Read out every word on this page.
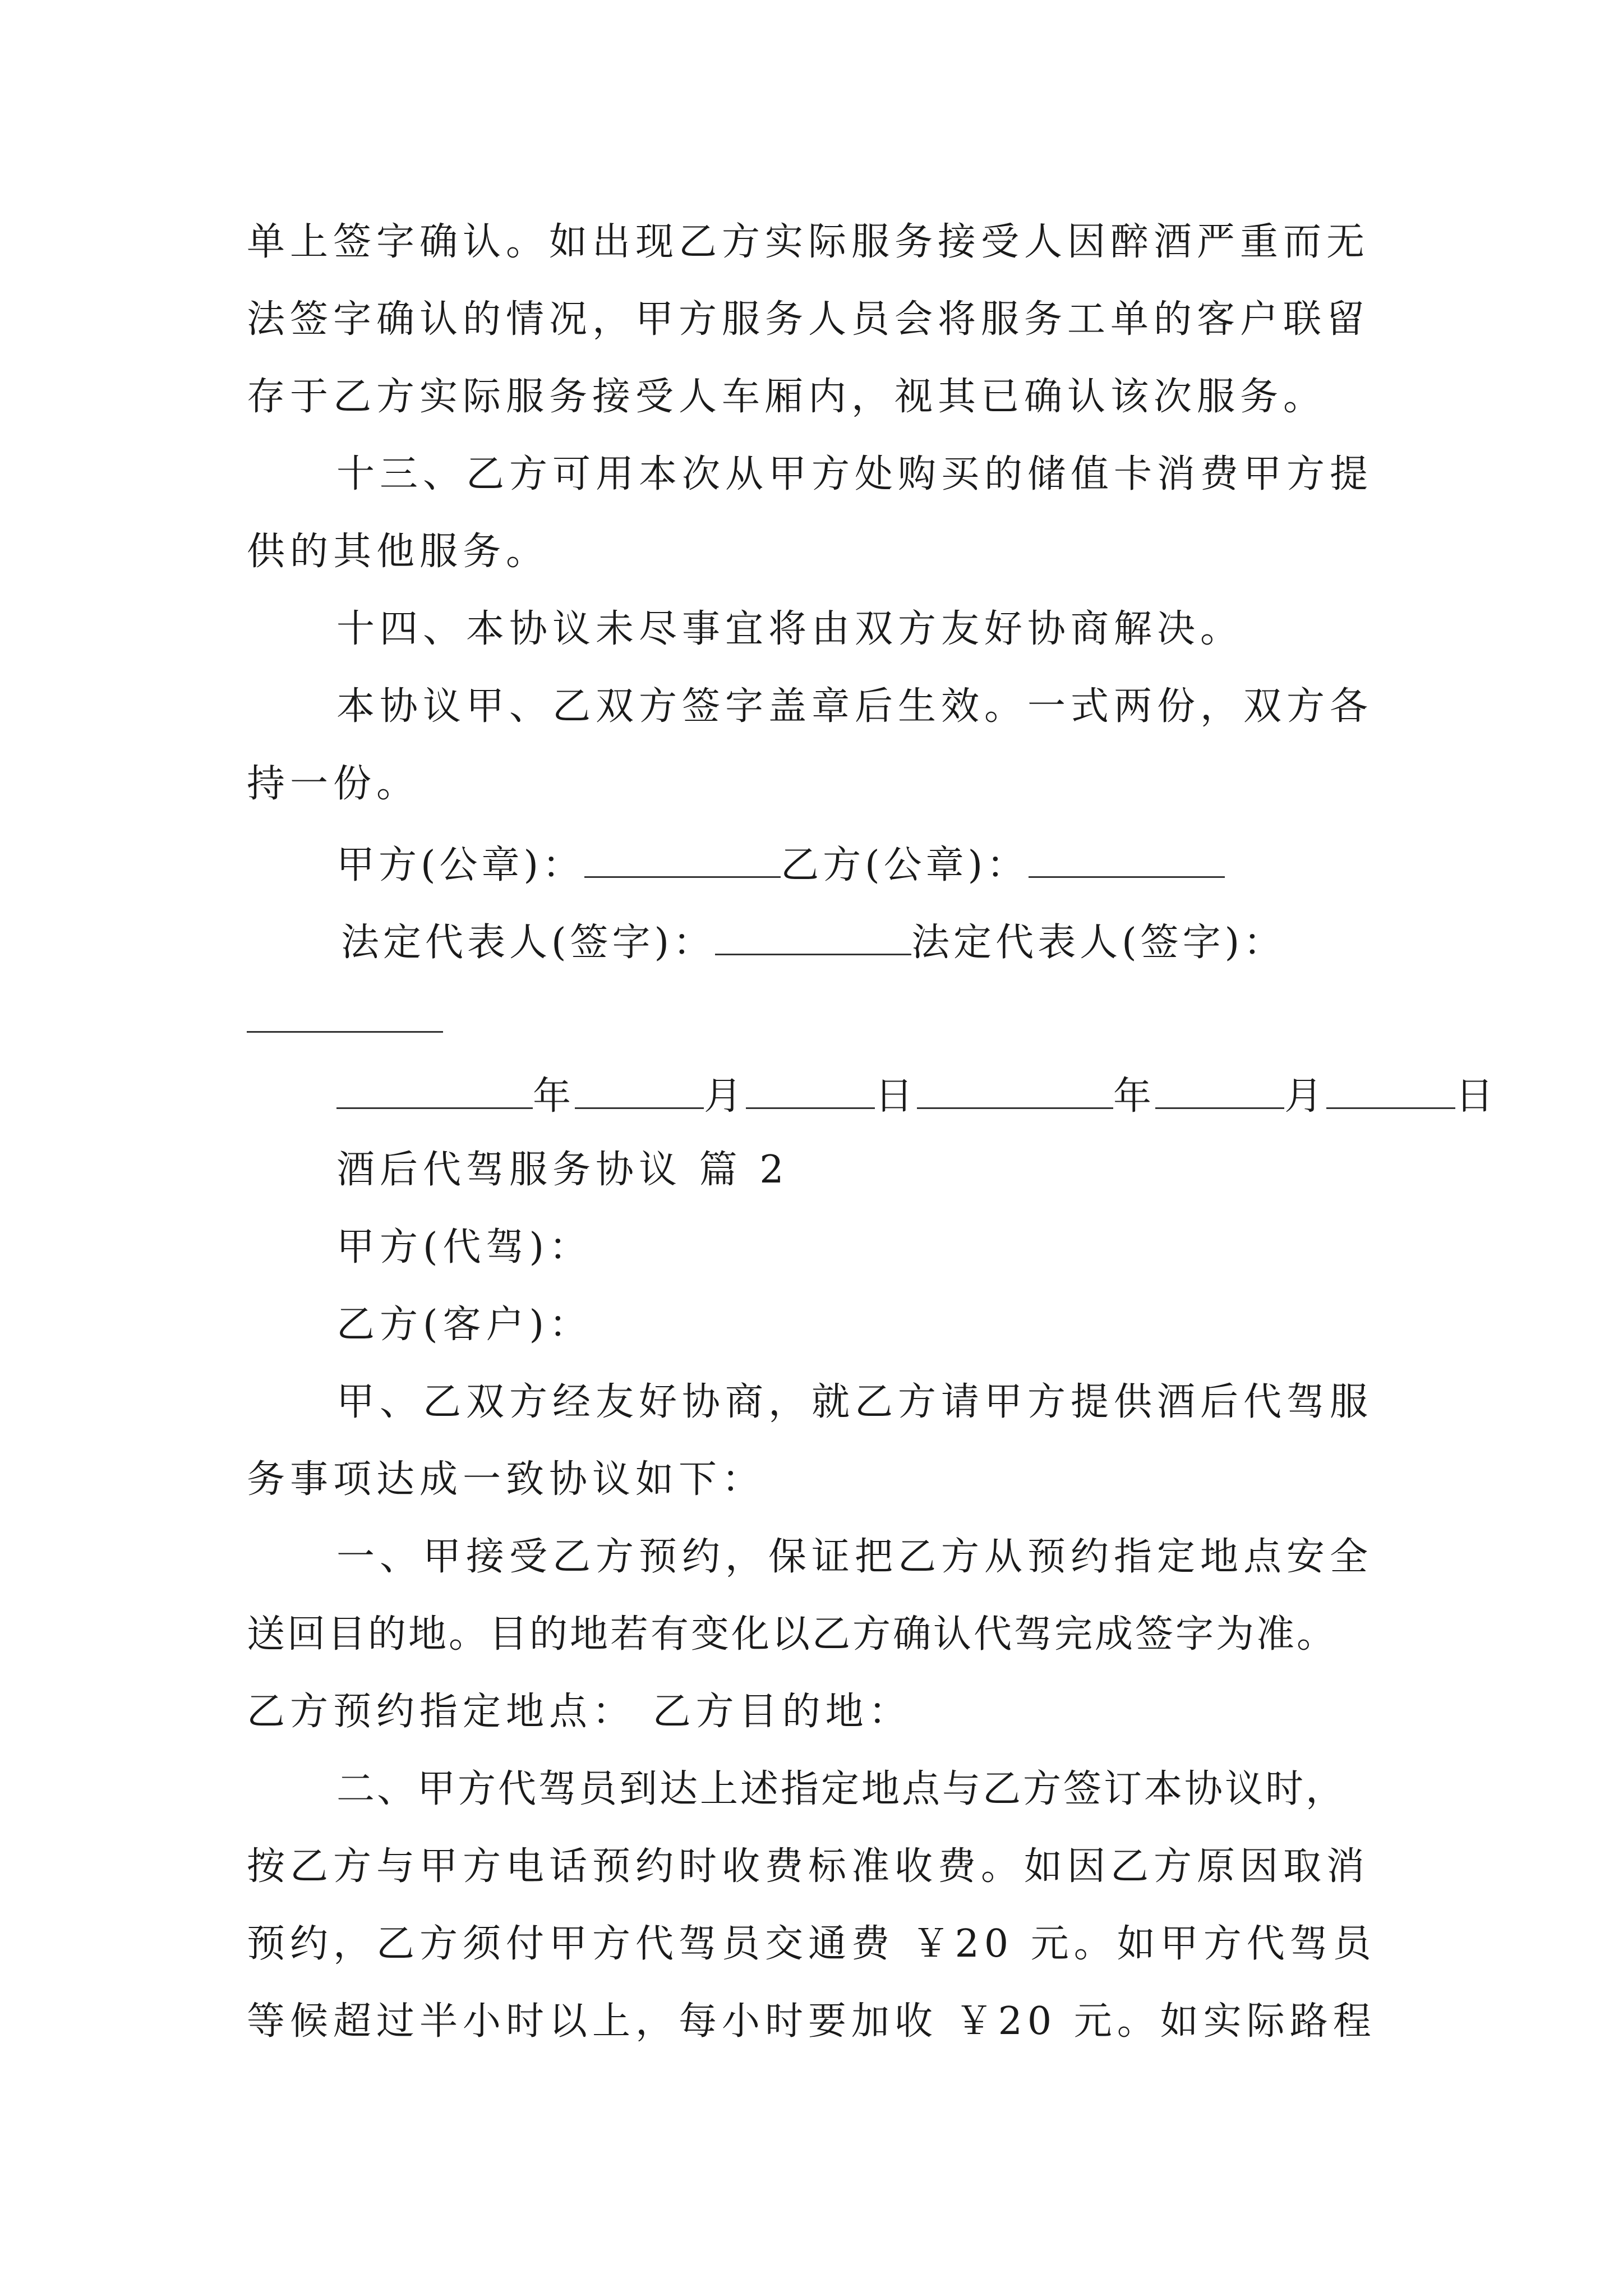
单上签字确认。如出现乙方实际服务接受人因醉酒严重而无
法签字确认的情况，甲方服务人员会将服务工单的客户联留
存于乙方实际服务接受人车厢内，视其已确认该次服务。
十三、乙方可用本次从甲方处购买的储值卡消费甲方提
供的其他服务。
十四、本协议未尽事宜将由双方友好协商解决。
本协议甲、乙双方签字盖章后生效。一式两份，双方各
持一份。
甲方(公章)：	乙方(公章)：
法定代表人(签字)：	法定代表人(签字)：
年	月	日	年	月	日
酒后代驾服务协议 篇 2
甲方(代驾)：
乙方(客户)：
甲、乙双方经友好协商，就乙方请甲方提供酒后代驾服
务事项达成一致协议如下：
一、甲接受乙方预约，保证把乙方从预约指定地点安全
送回目的地。目的地若有变化以乙方确认代驾完成签字为准。
乙方预约指定地点： 乙方目的地：
二、甲方代驾员到达上述指定地点与乙方签订本协议时，
按乙方与甲方电话预约时收费标准收费。如因乙方原因取消
预约，乙方须付甲方代驾员交通费 ￥20 元。如甲方代驾员
等候超过半小时以上，每小时要加收 ￥20 元。如实际路程
